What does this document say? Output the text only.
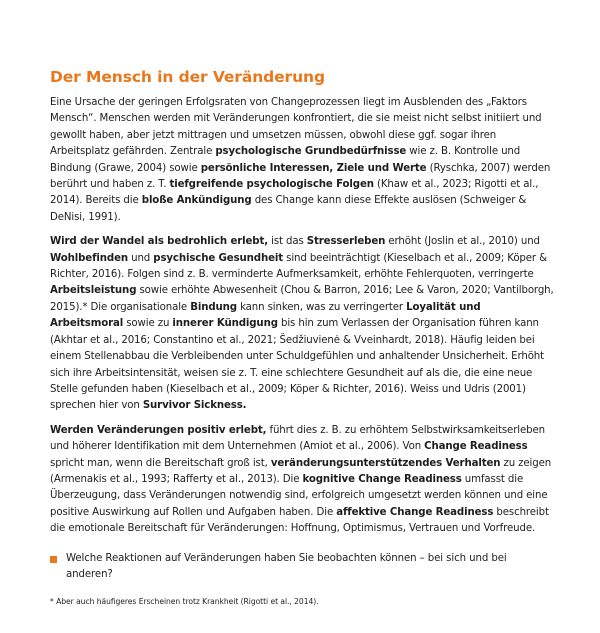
Der Mensch in der Veränderung

Eine Ursache der geringen Erfolgsraten von Changeprozessen liegt im Ausblenden des „Faktors Mensch“. Menschen werden mit Veränderungen konfrontiert, die sie meist nicht selbst initiiert und gewollt haben, aber jetzt mittragen und umsetzen müssen, obwohl diese ggf. sogar ihren Arbeitsplatz gefährden. Zentrale psychologische Grundbedürfnisse wie z. B. Kontrolle und Bindung (Grawe, 2004) sowie persönliche Interessen, Ziele und Werte (Ryschka, 2007) werden berührt und haben z. T. tiefgreifende psychologische Folgen (Khaw et al., 2023; Rigotti et al., 2014). Bereits die bloße Ankündigung des Change kann diese Effekte auslösen (Schweiger & DeNisi, 1991).

Wird der Wandel als bedrohlich erlebt, ist das Stresserleben erhöht (Joslin et al., 2010) und Wohlbefinden und psychische Gesundheit sind beeinträchtigt (Kieselbach et al., 2009; Köper & Richter, 2016). Folgen sind z. B. verminderte Aufmerksamkeit, erhöhte Fehlerquoten, verringerte Arbeitsleistung sowie erhöhte Abwesenheit (Chou & Barron, 2016; Lee & Varon, 2020; Vantilborgh, 2015).* Die organisationale Bindung kann sinken, was zu verringerter Loyalität und Arbeitsmoral sowie zu innerer Kündigung bis hin zum Verlassen der Organisation führen kann (Akhtar et al., 2016; Constantino et al., 2021; Šedžiuvienė & Vveinhardt, 2018). Häufig leiden bei einem Stellenabbau die Verbleibenden unter Schuldgefühlen und anhaltender Unsicherheit. Erhöht sich ihre Arbeitsintensität, weisen sie z. T. eine schlechtere Gesundheit auf als die, die eine neue Stelle gefunden haben (Kieselbach et al., 2009; Köper & Richter, 2016). Weiss und Udris (2001) sprechen hier von Survivor Sickness.

Werden Veränderungen positiv erlebt, führt dies z. B. zu erhöhtem Selbstwirksamkeitserleben und höherer Identifikation mit dem Unternehmen (Amiot et al., 2006). Von Change Readiness spricht man, wenn die Bereitschaft groß ist, veränderungsunterstützendes Verhalten zu zeigen (Armenakis et al., 1993; Rafferty et al., 2013). Die kognitive Change Readiness umfasst die Überzeugung, dass Veränderungen notwendig sind, erfolgreich umgesetzt werden können und eine positive Auswirkung auf Rollen und Aufgaben haben. Die affektive Change Readiness beschreibt die emotionale Bereitschaft für Veränderungen: Hoffnung, Optimismus, Vertrauen und Vorfreude.

Welche Reaktionen auf Veränderungen haben Sie beobachten können – bei sich und bei anderen?
* Aber auch häufigeres Erscheinen trotz Krankheit (Rigotti et al., 2014).
